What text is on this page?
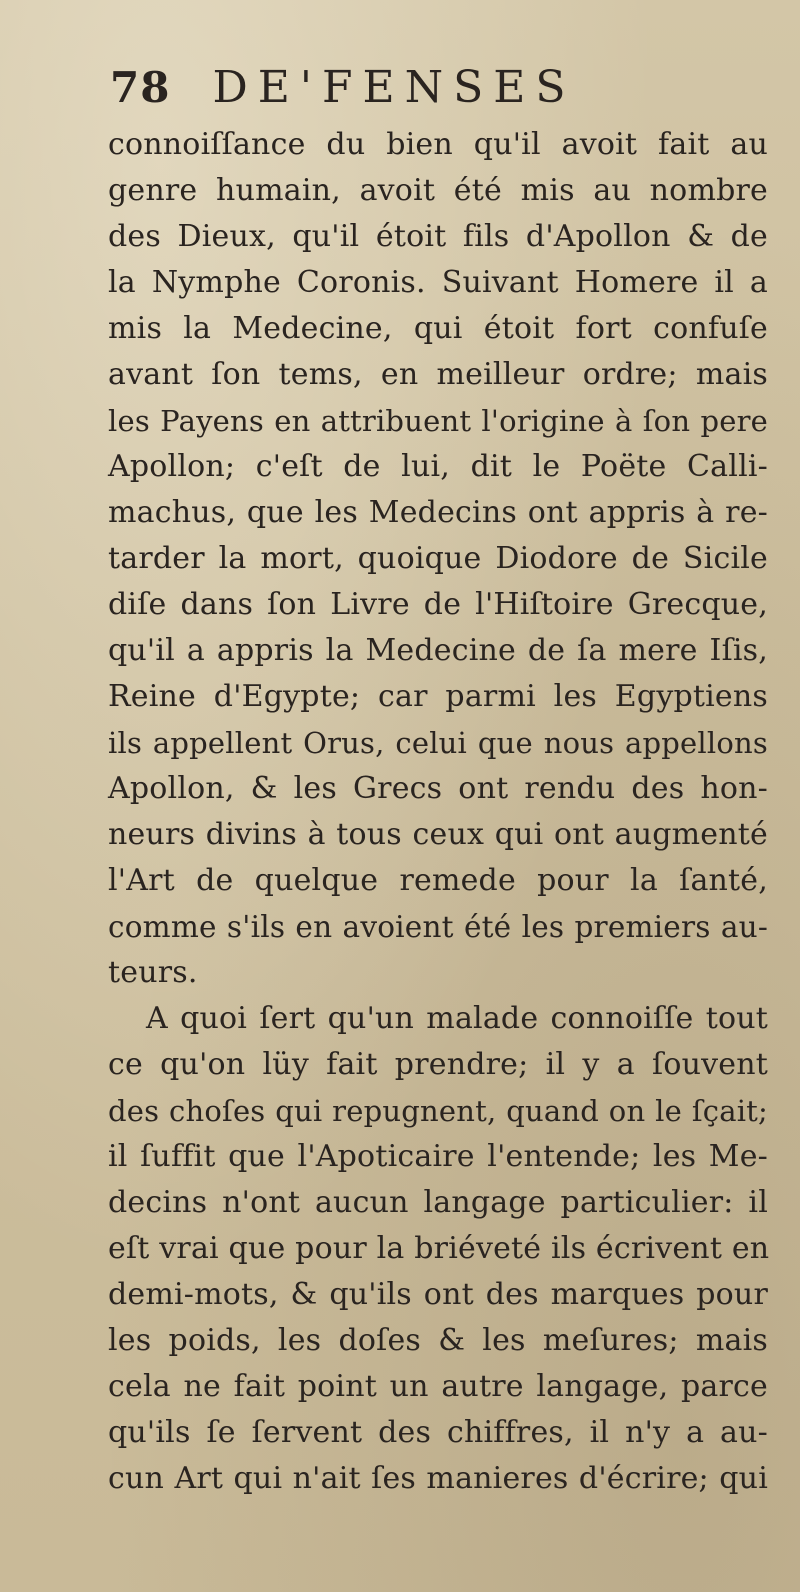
78 DE'FENSES
connoiſſance du bien qu'il avoit fait au
genre humain, avoit été mis au nombre
des Dieux, qu'il étoit fils d'Apollon & de
la Nymphe Coronis. Suivant Homere il a
mis la Medecine, qui étoit fort confuſe
avant ſon tems, en meilleur ordre; mais
les Payens en attribuent l'origine à ſon pere
Apollon; c'eſt de lui, dit le Poëte Calli-
machus, que les Medecins ont appris à re-
tarder la mort, quoique Diodore de Sicile
diſe dans ſon Livre de l'Hiſtoire Grecque,
qu'il a appris la Medecine de ſa mere Iſis,
Reine d'Egypte; car parmi les Egyptiens
ils appellent Orus, celui que nous appellons
Apollon, & les Grecs ont rendu des hon-
neurs divins à tous ceux qui ont augmenté
l'Art de quelque remede pour la ſanté,
comme s'ils en avoient été les premiers au-
teurs.
A quoi ſert qu'un malade connoiſſe tout
ce qu'on lüy fait prendre; il y a ſouvent
des choſes qui repugnent, quand on le ſçait;
il ſuffit que l'Apoticaire l'entende; les Me-
decins n'ont aucun langage particulier: il
eſt vrai que pour la briéveté ils écrivent en
demi-mots, & qu'ils ont des marques pour
les poids, les doſes & les meſures; mais
cela ne fait point un autre langage, parce
qu'ils ſe ſervent des chiffres, il n'y a au-
cun Art qui n'ait ſes manieres d'écrire; qui
